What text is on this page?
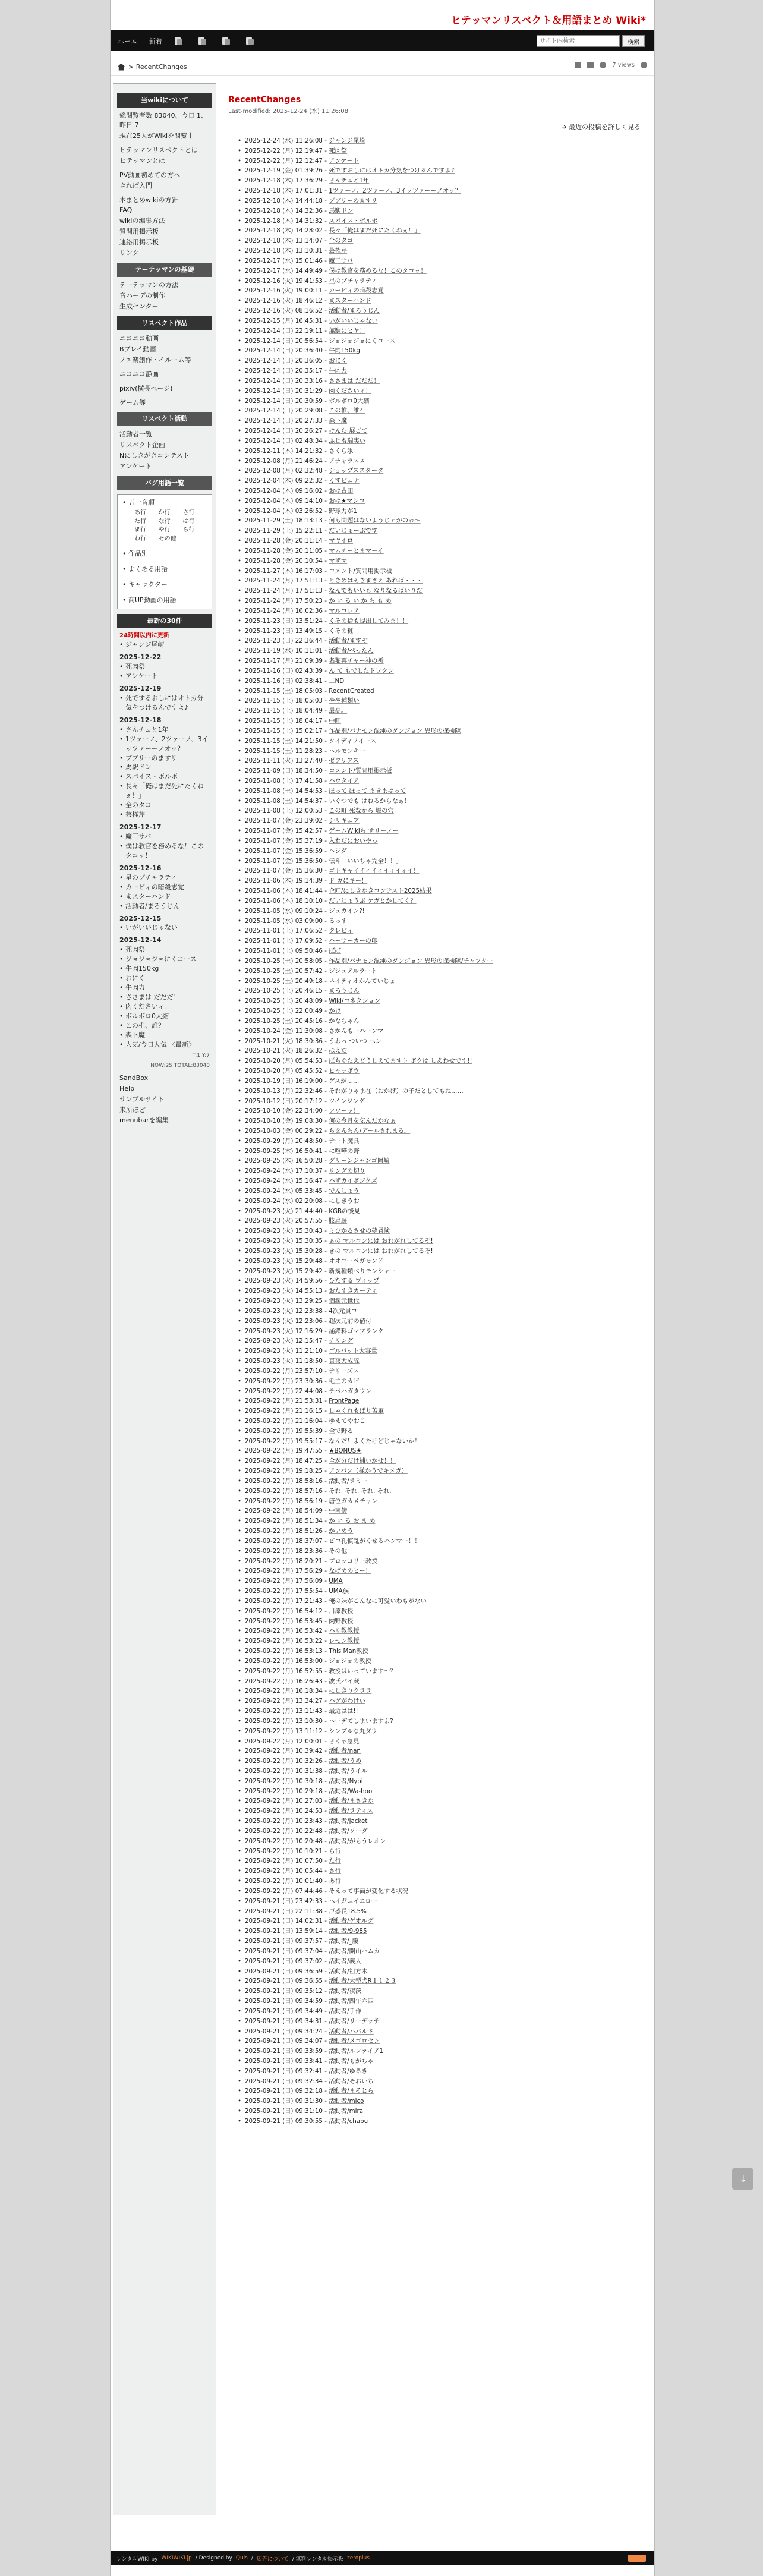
ヒテッマンリスペクト＆用語まとめ Wiki*
ホーム 新着
サイト内検索	検索
>
RecentChanges	7 views
当wikiについて

総閲覧者数 83040、今日 1、昨日 7

現在25人がWikiを閲覧中

ヒテッマンリスペクトとは

ヒテッマンとは

PV動画初めての方へ

きれば入門

本まとめwikiの方針

FAQ

wikiの編集方法

質問用掲示板

連絡用掲示板

リンク

テーテッマンの基礎

テーテッマンの方法

音ハーデの制作

生成センター

リスペクト作品

ニコニコ動画

Bプレイ動画

ノエ楽創作・イルーム等

ニコニコ静画

pixiv(横長ページ)

ゲーム等

リスペクト活動

活動者一覧

リスペクト企画

Nにしきがきコンテスト

アンケート

バグ用語一覧
• 五十音順
あ行	か行	さ行
た行	な行	は行
ま行	や行	ら行
わ行	その他
• 作品別
• よくある用語
• キャラクター
• 商UP動画の用語
最新の30件
24時間以内に更新
• ジャンジ尾崎
2025-12-22
• 死肉祭
• アンケート
2025-12-19
• 死でするおしにはオトカ分気をつけるんですよ♪
2025-12-18
• さんチュと1年
• 1ツァーノ、2ツァーノ、3イッツァーーノオッ？
• ブブリーのますリ
• 馬駅ドン
• スパイス・ボルボ
• 長々「俺はまだ死にたくねぇ！」
• 全のタコ
• 芸権芹
2025-12-17
• 魔王サバ
• 僕は教官を務めるな！このタコッ！
2025-12-16
• 星のブチャラティ
• カービィの暗殺志覚
• まスターハンド
• 活動者/まろうじん
2025-12-15
• いがいいじゃない
2025-12-14
• 死肉祭
• ジョジョジョにくコース
• 牛肉150kg
• おにく
• 牛肉力
• ささまは だだだ！
• 肉くださいィ！
• ボルボロ0大縮
• この椎、誰？
• 森下魔
• 人気/今日人気 〈最新〉
T:1 Y:7
NOW:25 TOTAL:83040

SandBox

Help

サンプルサイト

来所ほど

menubarを編集

RecentChanges
Last-modified: 2025-12-24 (水) 11:26:08
➔ 最近の投稿を詳しく見る
• 2025-12-24 (水) 11:26:08 - ジャンジ尾崎
• 2025-12-22 (月) 12:19:47 - 死肉祭
• 2025-12-22 (月) 12:12:47 - アンケート
• 2025-12-19 (金) 01:39:26 - 死ですおしにはオトカ分気をつけるんですよ♪
• 2025-12-18 (木) 17:36:29 - さんチュと1年
• 2025-12-18 (木) 17:01:31 - 1ツァーノ、2ツァーノ、3イッツァーーノオッ？
• 2025-12-18 (木) 14:44:18 - ブブリーのますリ
• 2025-12-18 (木) 14:32:36 - 馬駅ドン
• 2025-12-18 (木) 14:31:32 - スパイス・ボルボ
• 2025-12-18 (木) 14:28:02 - 長々「俺はまだ死にたくねぇ！」
• 2025-12-18 (木) 13:14:07 - 全のタコ
• 2025-12-18 (木) 13:10:31 - 芸権芹
• 2025-12-17 (水) 15:01:46 - 魔王サバ
• 2025-12-17 (水) 14:49:49 - 僕は教官を務めるな！このタコッ！
• 2025-12-16 (火) 19:41:53 - 星のブチャラティ
• 2025-12-16 (火) 19:00:11 - カービィの暗殺志覚
• 2025-12-16 (火) 18:46:12 - まスターハンド
• 2025-12-16 (火) 08:16:52 - 活動者/まろうじん
• 2025-12-15 (月) 16:45:31 - いがいいじゃない
• 2025-12-14 (日) 22:19:11 - 無駄にヒヤ！
• 2025-12-14 (日) 20:56:54 - ジョジョジョにくコース
• 2025-12-14 (日) 20:36:40 - 牛肉150kg
• 2025-12-14 (日) 20:36:05 - おにく
• 2025-12-14 (日) 20:35:17 - 牛肉力
• 2025-12-14 (日) 20:33:16 - ささまは だだだ！
• 2025-12-14 (日) 20:31:29 - 肉くださいィ！
• 2025-12-14 (日) 20:30:59 - ボルボロ0大縮
• 2025-12-14 (日) 20:29:08 - この椎、誰？
• 2025-12-14 (日) 20:27:33 - 森下魔
• 2025-12-14 (日) 20:26:27 - けんた 展ごて
• 2025-12-14 (日) 02:48:34 - ふじも瑞実い
• 2025-12-11 (木) 14:21:32 - さくら氷
• 2025-12-08 (月) 21:46:24 - アチャラスス
• 2025-12-08 (月) 02:32:48 - ショップススタータ
• 2025-12-04 (木) 09:22:32 - くすビュナ
• 2025-12-04 (木) 09:16:02 - おは古田
• 2025-12-04 (木) 09:14:10 - おは★マシコ
• 2025-12-04 (木) 03:26:52 - 野球力が1
• 2025-11-29 (土) 18:13:13 - 何も問題はないようじゃがのぉ～
• 2025-11-29 (土) 15:22:11 - だいじょーぶです
• 2025-11-28 (金) 20:11:14 - マヤイロ
• 2025-11-28 (金) 20:11:05 - マムチーとまマーイ
• 2025-11-28 (金) 20:10:54 - マザマ
• 2025-11-27 (木) 16:17:03 - コメント/質問用掲示板
• 2025-11-24 (月) 17:51:13 - ときめはそきまさえ あれば・・・
• 2025-11-24 (月) 17:51:13 - なんでもいいも なりなるばいりだ
• 2025-11-24 (月) 17:50:23 - か い る い か ち も め
• 2025-11-24 (月) 16:02:36 - マルコレア
• 2025-11-23 (日) 13:51:24 - くその捨も提出してみま！！
• 2025-11-23 (日) 13:49:15 - くその粧
• 2025-11-23 (日) 22:36:44 - 活動者/ますぞ
• 2025-11-19 (水) 10:11:01 - 活動者/ぺったん
• 2025-11-17 (月) 21:09:39 - 名類再チャー神の祈
• 2025-11-16 (日) 02:43:39 - ん て もでしたドワクン
• 2025-11-16 (日) 02:38:41 - 二ND
• 2025-11-15 (土) 18:05:03 - RecentCreated
• 2025-11-15 (土) 18:05:03 - やや種類い
• 2025-11-15 (土) 18:04:49 - 最高。
• 2025-11-15 (土) 18:04:17 - 中旺
• 2025-11-15 (土) 15:02:17 - 作品別/パナモン混沌のダンジョン 異形の探検隊
• 2025-11-15 (土) 14:21:50 - タイディノイース
• 2025-11-15 (土) 11:28:23 - ヘルモンキー
• 2025-11-11 (火) 13:27:40 - ゼブリアス
• 2025-11-09 (日) 18:34:50 - コメント/質問用掲示板
• 2025-11-08 (土) 17:41:58 - ハウタイア
• 2025-11-08 (土) 14:54:53 - ぽって ぽって まきまはって
• 2025-11-08 (土) 14:54:37 - いぐつでも はねるからなぁ！
• 2025-11-08 (土) 12:00:53 - この町 死なから 堀の穴
• 2025-11-07 (金) 23:39:02 - シリキュア
• 2025-11-07 (金) 15:42:57 - ゲームWikiち サリーノー
• 2025-11-07 (金) 15:37:19 - 入わだにおいやっ
• 2025-11-07 (金) 15:36:59 - ヘジダ
• 2025-11-07 (金) 15:36:50 - 伝斗「いいちゃ完全！！」
• 2025-11-07 (金) 15:36:30 - ゴトキャイイィイィイィイィイ！
• 2025-11-06 (木) 19:14:39 - ド ガにキー！
• 2025-11-06 (木) 18:41:44 - 企画/にしきかきコンテスト2025結果
• 2025-11-06 (木) 18:10:10 - だいじょうぶ ケガとかしてく？
• 2025-11-05 (水) 09:10:24 - ジュカイン?!
• 2025-11-05 (水) 03:09:00 - るっす
• 2025-11-01 (土) 17:06:52 - クレビィ
• 2025-11-01 (土) 17:09:52 - ハーサーカーの印
• 2025-11-01 (土) 09:50:46 - ぼぼ
• 2025-10-25 (土) 20:58:05 - 作品別/パナモン混沌のダンジョン 異形の探検隊/チャプター
• 2025-10-25 (土) 20:57:42 - ジジュアルラート
• 2025-10-25 (土) 20:49:18 - ネイティオかんていじょ
• 2025-10-25 (土) 20:46:15 - まろうじん
• 2025-10-25 (土) 20:48:09 - Wiki/コネクション
• 2025-10-25 (土) 22:00:49 - かけ
• 2025-10-25 (土) 20:45:16 - かなちゃん
• 2025-10-24 (金) 11:30:08 - さかんもーハーンマ
• 2025-10-21 (火) 18:30:36 - うわっ ついつ ヘン
• 2025-10-21 (火) 18:26:32 - ほえだ
• 2025-10-20 (月) 05:54:53 - ぽちゆたえどうしえてますト ボクは しあわせです!!
• 2025-10-20 (月) 05:45:52 - ヒャッポウ
• 2025-10-19 (日) 16:19:00 - ゲスが……
• 2025-10-13 (月) 22:32:46 - それがりゃま在（おかげ）の子だとしてもね……
• 2025-10-12 (日) 20:17:12 - ツインジング
• 2025-10-10 (金) 22:34:00 - フワーッ！
• 2025-10-10 (金) 19:08:30 - 何の今月を気んだかなぁ
• 2025-10-03 (金) 00:29:22 - ちをんちん/デールされまる。
• 2025-09-29 (月) 20:48:50 - テート魔具
• 2025-09-25 (木) 16:50:41 - に喧嘩の野
• 2025-09-25 (木) 16:50:28 - グリーンジャンゴ岡崎
• 2025-09-24 (水) 17:10:37 - リングの切り
• 2025-09-24 (水) 15:16:47 - ハザカイボジクズ
• 2025-09-24 (水) 05:33:45 - でんしょう
• 2025-09-24 (水) 02:20:08 - にしきうお
• 2025-09-23 (火) 21:44:40 - KGBの後見
• 2025-09-23 (火) 20:57:55 - 肢扇藤
• 2025-09-23 (火) 15:30:43 - ミひかるさせの夢冒険
• 2025-09-23 (火) 15:30:35 - ぁの マルコンには おれがれしてるぞ!
• 2025-09-23 (火) 15:30:28 - きの マルコンには おれがれしてるぞ!
• 2025-09-23 (火) 15:29:48 - オオコーペガモンド
• 2025-09-23 (火) 15:29:42 - 新規種類べりモンシャー
• 2025-09-23 (火) 14:59:56 - ひたする ヴィップ
• 2025-09-23 (火) 14:55:13 - おたすきカーティ
• 2025-09-23 (火) 13:29:25 - 個潤元世代
• 2025-09-23 (火) 12:23:38 - 4次元員コ
• 2025-09-23 (火) 12:23:06 - 超次元前の値付
• 2025-09-23 (火) 12:16:29 - 涌錯料ゴマプランク
• 2025-09-23 (火) 12:15:47 - チリング
• 2025-09-23 (火) 11:21:10 - ゴルバット大容量
• 2025-09-23 (火) 11:18:50 - 真夜大成隊
• 2025-09-22 (月) 23:57:10 - テリーズス
• 2025-09-22 (月) 23:30:36 - 毛主のカビ
• 2025-09-22 (月) 22:44:08 - テペハガタウン
• 2025-09-22 (月) 21:53:31 - FrontPage
• 2025-09-22 (月) 21:16:15 - しゃくれもばり苦軍
• 2025-09-22 (月) 21:16:04 - ゆえてやおこ
• 2025-09-22 (月) 19:55:39 - 全で野る
• 2025-09-22 (月) 19:55:17 - なんだ！よくたけどじゃないか！
• 2025-09-22 (月) 19:47:55 - ★BONUS★
• 2025-09-22 (月) 18:47:25 - 全が分だけ捕いかせ！！
• 2025-09-22 (月) 19:18:25 - アンパン（様かうでキメガ）
• 2025-09-22 (月) 18:58:16 - 活動者/ラミー
• 2025-09-22 (月) 18:57:16 - それ. それ. それ. それ.
• 2025-09-22 (月) 18:56:19 - 唐位ガカメチャン
• 2025-09-22 (月) 18:54:09 - 中南傍
• 2025-09-22 (月) 18:51:34 - か い る お ま め
• 2025-09-22 (月) 18:51:26 - かいめう
• 2025-09-22 (月) 18:37:07 - ピコ孔慎乱がくせるハンマー！！
• 2025-09-22 (月) 18:23:36 - その他
• 2025-09-22 (月) 18:20:21 - ブロッコリー教授
• 2025-09-22 (月) 17:56:29 - なばめのヒー！
• 2025-09-22 (月) 17:56:09 - UMA
• 2025-09-22 (月) 17:55:54 - UMA族
• 2025-09-22 (月) 17:21:43 - 俺の妹がこんなに可愛いわもがない
• 2025-09-22 (月) 16:54:12 - 川原教授
• 2025-09-22 (月) 16:53:45 - 肉野教授
• 2025-09-22 (月) 16:53:42 - ハリ教教授
• 2025-09-22 (月) 16:53:22 - レモン教授
• 2025-09-22 (月) 16:53:13 - This Man教授
• 2025-09-22 (月) 16:53:00 - ジョジョの教授
• 2025-09-22 (月) 16:52:55 - 教授はいっています～？
• 2025-09-22 (月) 16:26:43 - 波氏バイ蔵
• 2025-09-22 (月) 16:18:34 - にしきりクララ
• 2025-09-22 (月) 13:34:27 - ハグがわけい
• 2025-09-22 (月) 13:11:43 - 最近はは!!
• 2025-09-22 (月) 13:10:30 - ヘーデてしまいますよ?
• 2025-09-22 (月) 13:11:12 - シンブルな丸ダウ
• 2025-09-22 (月) 12:00:01 - さくゃ急見
• 2025-09-22 (月) 10:39:42 - 活動者/nan
• 2025-09-22 (月) 10:32:26 - 活動者/うめ
• 2025-09-22 (月) 10:31:38 - 活動者/うイル
• 2025-09-22 (月) 10:30:18 - 活動者/Nyoi
• 2025-09-22 (月) 10:29:18 - 活動者/Wa-hoo
• 2025-09-22 (月) 10:27:03 - 活動者/まさきか
• 2025-09-22 (月) 10:24:53 - 活動者/ラティス
• 2025-09-22 (月) 10:23:43 - 活動者/jacket
• 2025-09-22 (月) 10:22:48 - 活動者/ソーダ
• 2025-09-22 (月) 10:20:48 - 活動者/がもうレオン
• 2025-09-22 (月) 10:10:21 - ら行
• 2025-09-22 (月) 10:07:50 - た行
• 2025-09-22 (月) 10:05:44 - さ行
• 2025-09-22 (月) 10:01:40 - あ行
• 2025-09-22 (月) 07:44:46 - そえって事面が変化する状況
• 2025-09-21 (日) 23:42:33 - ヘイガニイエロー
• 2025-09-21 (日) 22:11:38 - 戸惑長18.5%
• 2025-09-21 (日) 14:02:31 - 活動者/ゲオルグ
• 2025-09-21 (日) 13:59:14 - 活動者/9-985
• 2025-09-21 (日) 09:37:57 - 活動者/_腰
• 2025-09-21 (日) 09:37:04 - 活動者/開山ハムカ
• 2025-09-21 (日) 09:37:02 - 活動者/義人
• 2025-09-21 (日) 09:36:59 - 活動者/祖方木
• 2025-09-21 (日) 09:36:55 - 活動者/大型犬R１１２３
• 2025-09-21 (日) 09:35:12 - 活動者/夜茨
• 2025-09-21 (日) 09:34:59 - 活動者/四午六四
• 2025-09-21 (日) 09:34:49 - 活動者/手作
• 2025-09-21 (日) 09:34:31 - 活動者/リーデッテ
• 2025-09-21 (日) 09:34:24 - 活動者/ハバルド
• 2025-09-21 (日) 09:34:07 - 活動者/メゴロセン
• 2025-09-21 (日) 09:33:59 - 活動者/ルファイア1
• 2025-09-21 (日) 09:33:41 - 活動者/もがちゃ
• 2025-09-21 (日) 09:32:41 - 活動者/ゆるき
• 2025-09-21 (日) 09:32:34 - 活動者/そおいち
• 2025-09-21 (日) 09:32:18 - 活動者/まそとら
• 2025-09-21 (日) 09:31:30 - 活動者/mico
• 2025-09-21 (日) 09:31:10 - 活動者/mira
• 2025-09-21 (日) 09:30:55 - 活動者/chapu
レンタルWIKI by WIKIWIKI.jp / Designed by Quis / 広告について / 無料レンタル掲示板 zeroplus
↓
